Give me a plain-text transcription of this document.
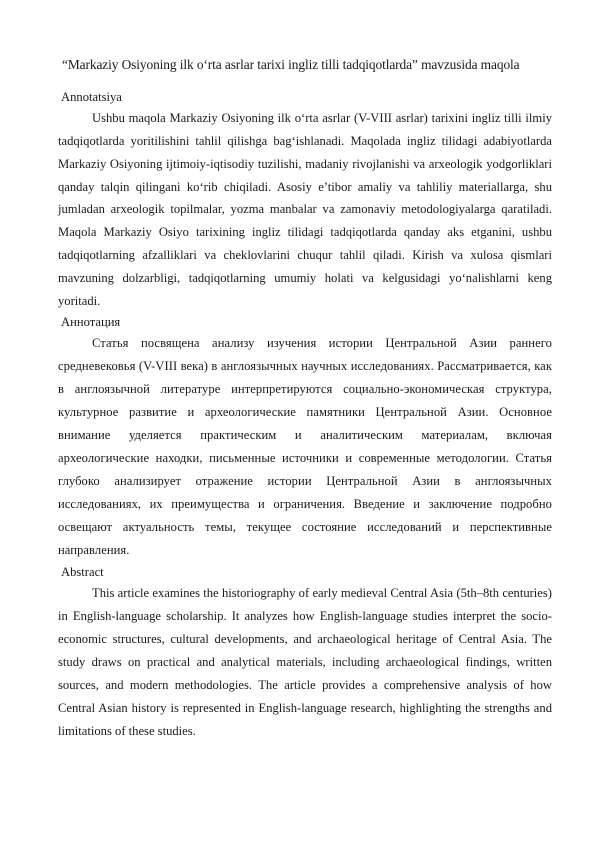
“Markaziy Osiyoning ilk o‘rta asrlar tarixi ingliz tilli tadqiqotlarda” mavzusida maqola
Annotatsiya

Ushbu maqola Markaziy Osiyoning ilk o‘rta asrlar (V-VIII asrlar) tarixini ingliz tilli ilmiy tadqiqotlarda yoritilishini tahlil qilishga bag‘ishlanadi. Maqolada ingliz tilidagi adabiyotlarda Markaziy Osiyoning ijtimoiy-iqtisodiy tuzilishi, madaniy rivojlanishi va arxeologik yodgorliklari qanday talqin qilingani ko‘rib chiqiladi. Asosiy e’tibor amaliy va tahliliy materiallarga, shu jumladan arxeologik topilmalar, yozma manbalar va zamonaviy metodologiyalarga qaratiladi. Maqola Markaziy Osiyo tarixining ingliz tilidagi tadqiqotlarda qanday aks etganini, ushbu tadqiqotlarning afzalliklari va cheklovlarini chuqur tahlil qiladi. Kirish va xulosa qismlari mavzuning dolzarbligi, tadqiqotlarning umumiy holati va kelgusidagi yo‘nalishlarni keng yoritadi.

Аннотация

Статья посвящена анализу изучения истории Центральной Азии раннего средневековья (V-VIII века) в англоязычных научных исследованиях. Рассматривается, как в англоязычной литературе интерпретируются социально-экономическая структура, культурное развитие и археологические памятники Центральной Азии. Основное внимание уделяется практическим и аналитическим материалам, включая археологические находки, письменные источники и современные методологии. Статья глубоко анализирует отражение истории Центральной Азии в англоязычных исследованиях, их преимущества и ограничения. Введение и заключение подробно освещают актуальность темы, текущее состояние исследований и перспективные направления.

Abstract

This article examines the historiography of early medieval Central Asia (5th–8th centuries) in English-language scholarship. It analyzes how English-language studies interpret the socio-economic structures, cultural developments, and archaeological heritage of Central Asia. The study draws on practical and analytical materials, including archaeological findings, written sources, and modern methodologies. The article provides a comprehensive analysis of how Central Asian history is represented in English-language research, highlighting the strengths and limitations of these studies.
